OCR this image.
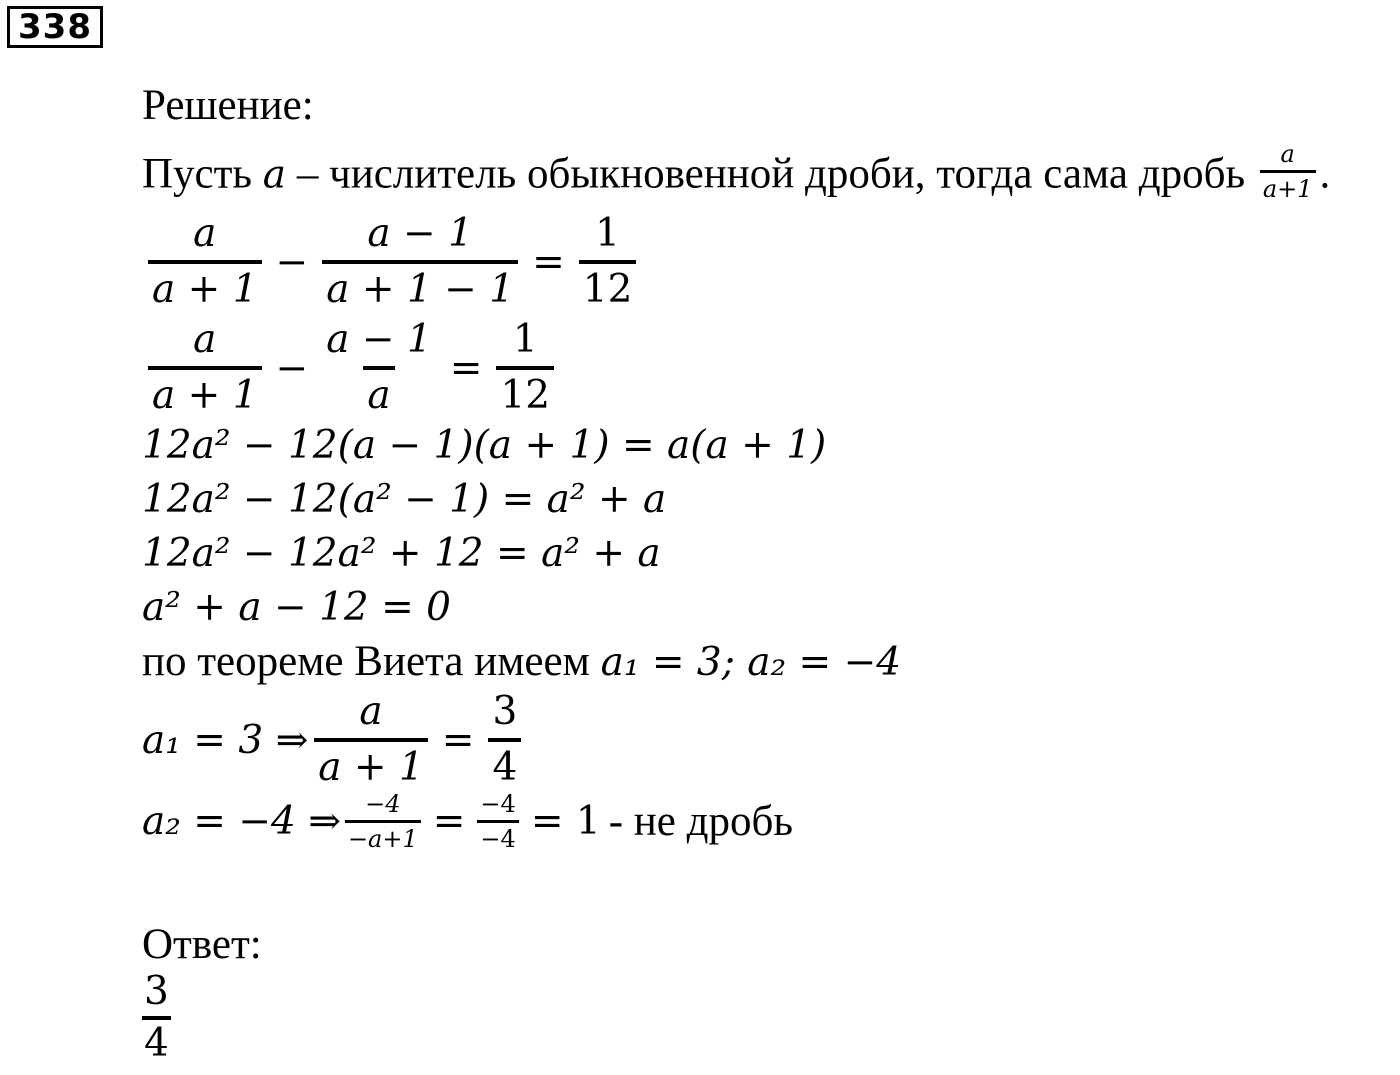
338
Решение:
Пусть a – числитель обыкновенной дроби, тогда сама дробь $\frac{a}{a+1}$ .
$\frac{a}{a + 1} - \frac{a - 1}{a + 1 - 1} = \frac{1}{12}$
$\frac{a}{a + 1} - \frac{a - 1}{a} = \frac{1}{12}$
12a² − 12(a − 1)(a + 1) = a(a + 1)
12a² − 12(a² − 1) = a² + a
12a² − 12a² + 12 = a² + a
a² + a − 12 = 0
по теореме Виета имеем a₁ = 3; a₂ = −4
a₁ = 3 ⇒ $\frac{a}{a + 1} = \frac{3}{4}$
a₂ = −4 ⇒ $\frac{-4}{-a+1} = \frac{-4}{-4} = 1$ - не дробь
Ответ:
$\frac{3}{4}$
